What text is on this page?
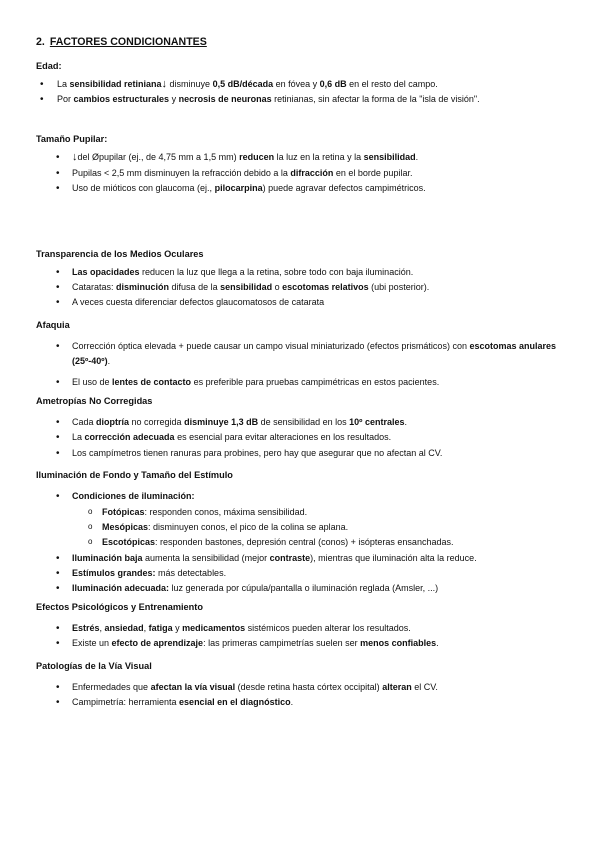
2. FACTORES CONDICIONANTES
Edad:
• La sensibilidad retiniana↓ disminuye 0,5 dB/década en fóvea y 0,6 dB en el resto del campo.
• Por cambios estructurales y necrosis de neuronas retinianas, sin afectar la forma de la "isla de visión".
Tamaño Pupilar:
• ↓del Øpupilar (ej., de 4,75 mm a 1,5 mm) reducen la luz en la retina y la sensibilidad.
• Pupilas < 2,5 mm disminuyen la refracción debido a la difracción en el borde pupilar.
• Uso de mióticos con glaucoma (ej., pilocarpina) puede agravar defectos campimétricos.
Transparencia de los Medios Oculares
• Las opacidades reducen la luz que llega a la retina, sobre todo con baja iluminación.
• Cataratas: disminución difusa de la sensibilidad o escotomas relativos (ubi posterior).
• A veces cuesta diferenciar defectos glaucomatosos de catarata
Afaquia
• Corrección óptica elevada + puede causar un campo visual miniaturizado (efectos prismáticos) con escotomas anulares (25º-40º).
• El uso de lentes de contacto es preferible para pruebas campimétricas en estos pacientes.
Ametropías No Corregidas
• Cada dioptría no corregida disminuye 1,3 dB de sensibilidad en los 10º centrales.
• La corrección adecuada es esencial para evitar alteraciones en los resultados.
• Los campímetros tienen ranuras para probines, pero hay que asegurar que no afectan al CV.
Iluminación de Fondo y Tamaño del Estímulo
• Condiciones de iluminación:
o Fotópicas: responden conos, máxima sensibilidad.
o Mesópicas: disminuyen conos, el pico de la colina se aplana.
o Escotópicas: responden bastones, depresión central (conos) + isópteras ensanchadas.
• Iluminación baja aumenta la sensibilidad (mejor contraste), mientras que iluminación alta la reduce.
• Estímulos grandes: más detectables.
• Iluminación adecuada: luz generada por cúpula/pantalla o iluminación reglada (Amsler, ...)
Efectos Psicológicos y Entrenamiento
• Estrés, ansiedad, fatiga y medicamentos sistémicos pueden alterar los resultados.
• Existe un efecto de aprendizaje: las primeras campimetrías suelen ser menos confiables.
Patologías de la Vía Visual
• Enfermedades que afectan la vía visual (desde retina hasta córtex occipital) alteran el CV.
• Campimetría: herramienta esencial en el diagnóstico.
